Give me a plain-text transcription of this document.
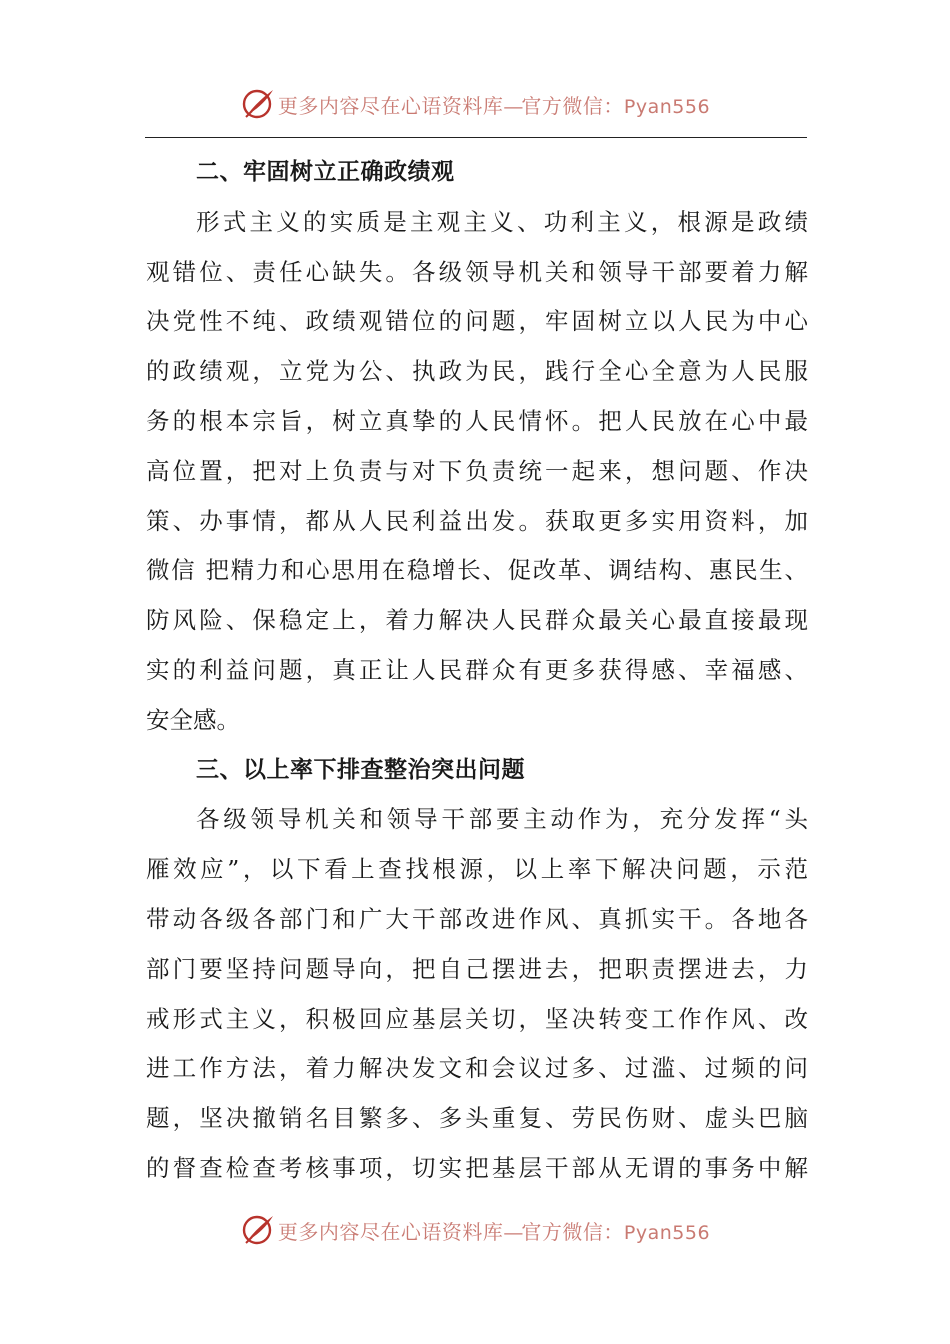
更多内容尽在心语资料库—官方微信：Pyan556
二、牢固树立正确政绩观
形式主义的实质是主观主义、功利主义，根源是政绩
观错位、责任心缺失。各级领导机关和领导干部要着力解
决党性不纯、政绩观错位的问题，牢固树立以人民为中心
的政绩观，立党为公、执政为民，践行全心全意为人民服
务的根本宗旨，树立真挚的人民情怀。把人民放在心中最
高位置，把对上负责与对下负责统一起来，想问题、作决
策、办事情，都从人民利益出发。获取更多实用资料，加
微信 把精力和心思用在稳增长、促改革、调结构、惠民生、
防风险、保稳定上，着力解决人民群众最关心最直接最现
实的利益问题，真正让人民群众有更多获得感、幸福感、
安全感。
三、以上率下排查整治突出问题
各级领导机关和领导干部要主动作为，充分发挥“头
雁效应”，以下看上查找根源，以上率下解决问题，示范
带动各级各部门和广大干部改进作风、真抓实干。各地各
部门要坚持问题导向，把自己摆进去，把职责摆进去，力
戒形式主义，积极回应基层关切，坚决转变工作作风、改
进工作方法，着力解决发文和会议过多、过滥、过频的问
题，坚决撤销名目繁多、多头重复、劳民伤财、虚头巴脑
的督查检查考核事项，切实把基层干部从无谓的事务中解
更多内容尽在心语资料库—官方微信：Pyan556
